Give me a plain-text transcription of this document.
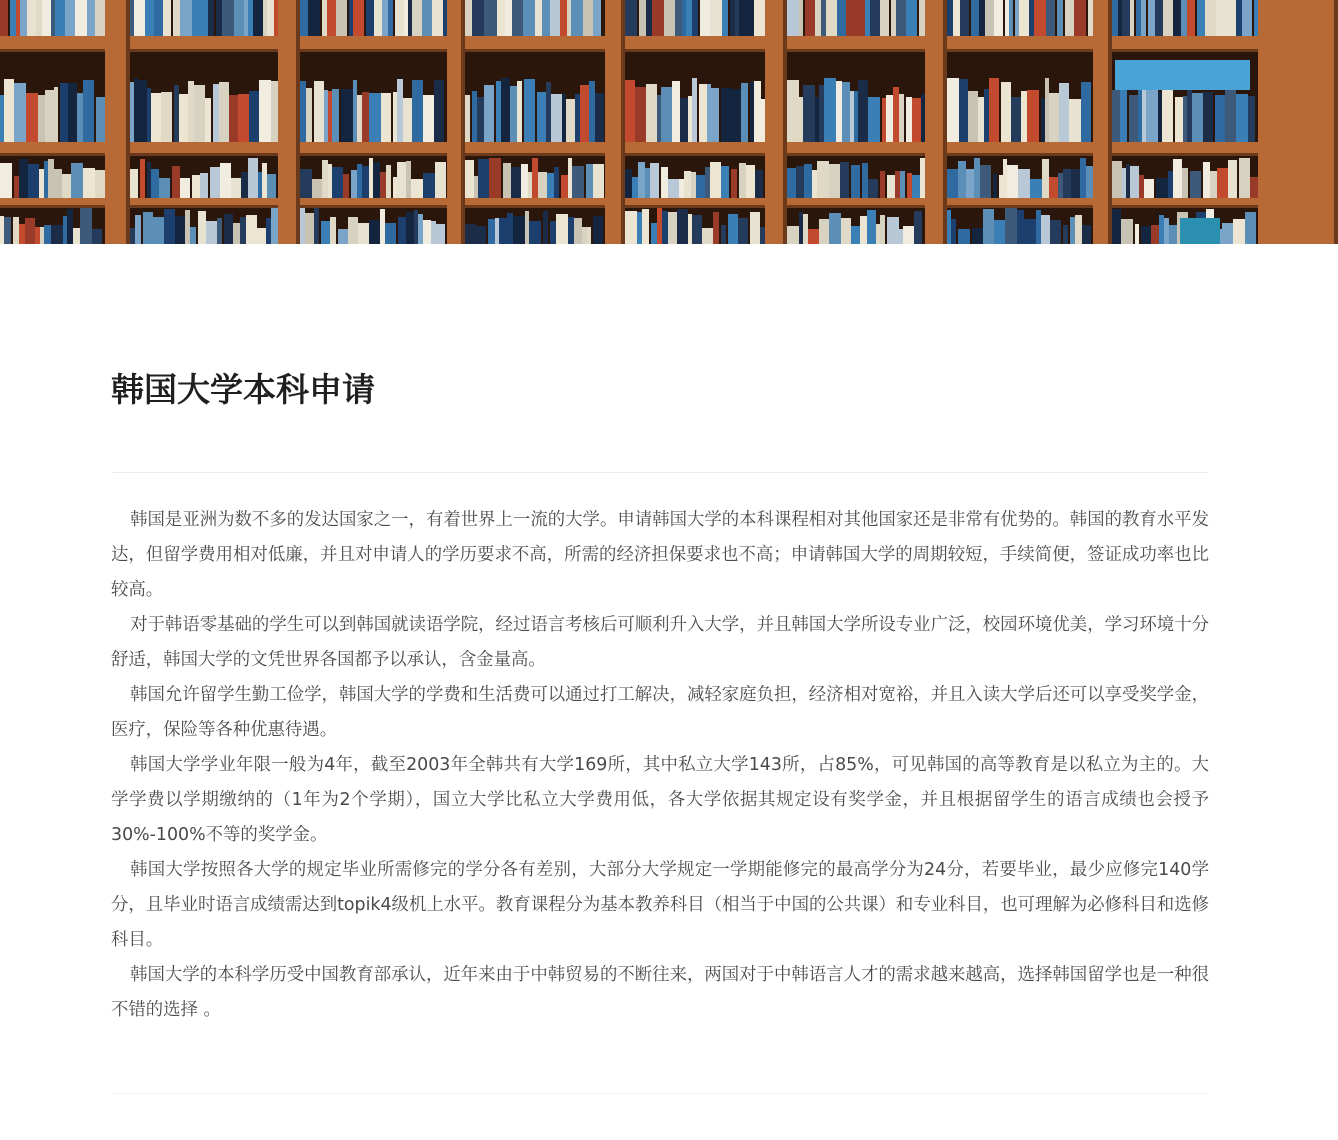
韩国大学本科申请

韩国是亚洲为数不多的发达国家之一，有着世界上一流的大学。申请韩国大学的本科课程相对其他国家还是非常有优势的。韩国的教育水平发达，但留学费用相对低廉，并且对申请人的学历要求不高，所需的经济担保要求也不高；申请韩国大学的周期较短，手续简便，签证成功率也比较高。

对于韩语零基础的学生可以到韩国就读语学院，经过语言考核后可顺利升入大学，并且韩国大学所设专业广泛，校园环境优美，学习环境十分舒适，韩国大学的文凭世界各国都予以承认，含金量高。

韩国允许留学生勤工俭学，韩国大学的学费和生活费可以通过打工解决，减轻家庭负担，经济相对宽裕，并且入读大学后还可以享受奖学金，医疗，保险等各种优惠待遇。

韩国大学学业年限一般为4年，截至2003年全韩共有大学169所，其中私立大学143所，占85%，可见韩国的高等教育是以私立为主的。大学学费以学期缴纳的（1年为2个学期），国立大学比私立大学费用低，各大学依据其规定设有奖学金，并且根据留学生的语言成绩也会授予30%-100%不等的奖学金。

韩国大学按照各大学的规定毕业所需修完的学分各有差别，大部分大学规定一学期能修完的最高学分为24分，若要毕业，最少应修完140学分，且毕业时语言成绩需达到topik4级机上水平。教育课程分为基本教养科目（相当于中国的公共课）和专业科目，也可理解为必修科目和选修科目。

韩国大学的本科学历受中国教育部承认，近年来由于中韩贸易的不断往来，两国对于中韩语言人才的需求越来越高，选择韩国留学也是一种很不错的选择 。
